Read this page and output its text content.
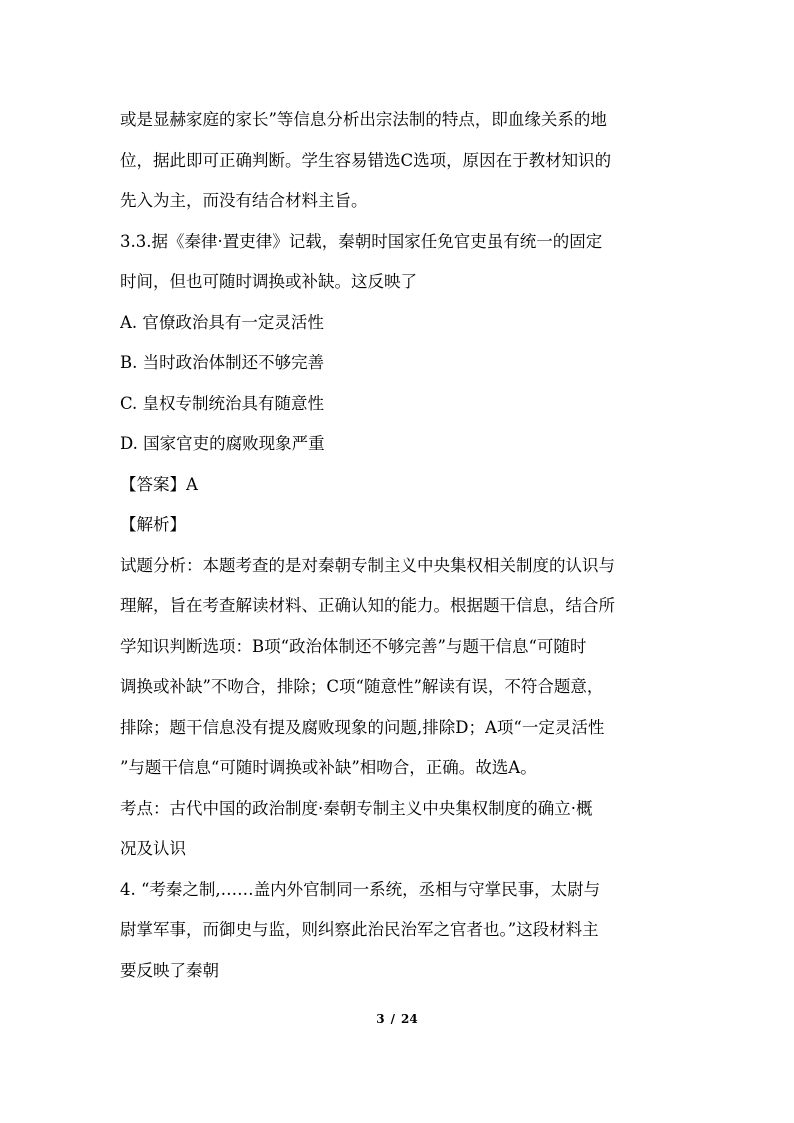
或是显赫家庭的家长”等信息分析出宗法制的特点，即血缘关系的地
位，据此即可正确判断。学生容易错选C选项，原因在于教材知识的
先入为主，而没有结合材料主旨。
3.3.据《秦律·置吏律》记载，秦朝时国家任免官吏虽有统一的固定
时间，但也可随时调换或补缺。这反映了
A. 官僚政治具有一定灵活性
B. 当时政治体制还不够完善
C. 皇权专制统治具有随意性
D. 国家官吏的腐败现象严重
【答案】A
【解析】
试题分析：本题考查的是对秦朝专制主义中央集权相关制度的认识与
理解，旨在考查解读材料、正确认知的能力。根据题干信息，结合所
学知识判断选项：B项“政治体制还不够完善”与题干信息“可随时
调换或补缺”不吻合，排除；C项“随意性”解读有误，不符合题意，
排除；题干信息没有提及腐败现象的问题,排除D；A项“一定灵活性
”与题干信息“可随时调换或补缺”相吻合，正确。故选A。
考点：古代中国的政治制度·秦朝专制主义中央集权制度的确立·概
况及认识
4. “考秦之制,……盖内外官制同一系统，丞相与守掌民事，太尉与
尉掌军事，而御史与监，则纠察此治民治军之官者也。”这段材料主
要反映了秦朝
3 / 24
